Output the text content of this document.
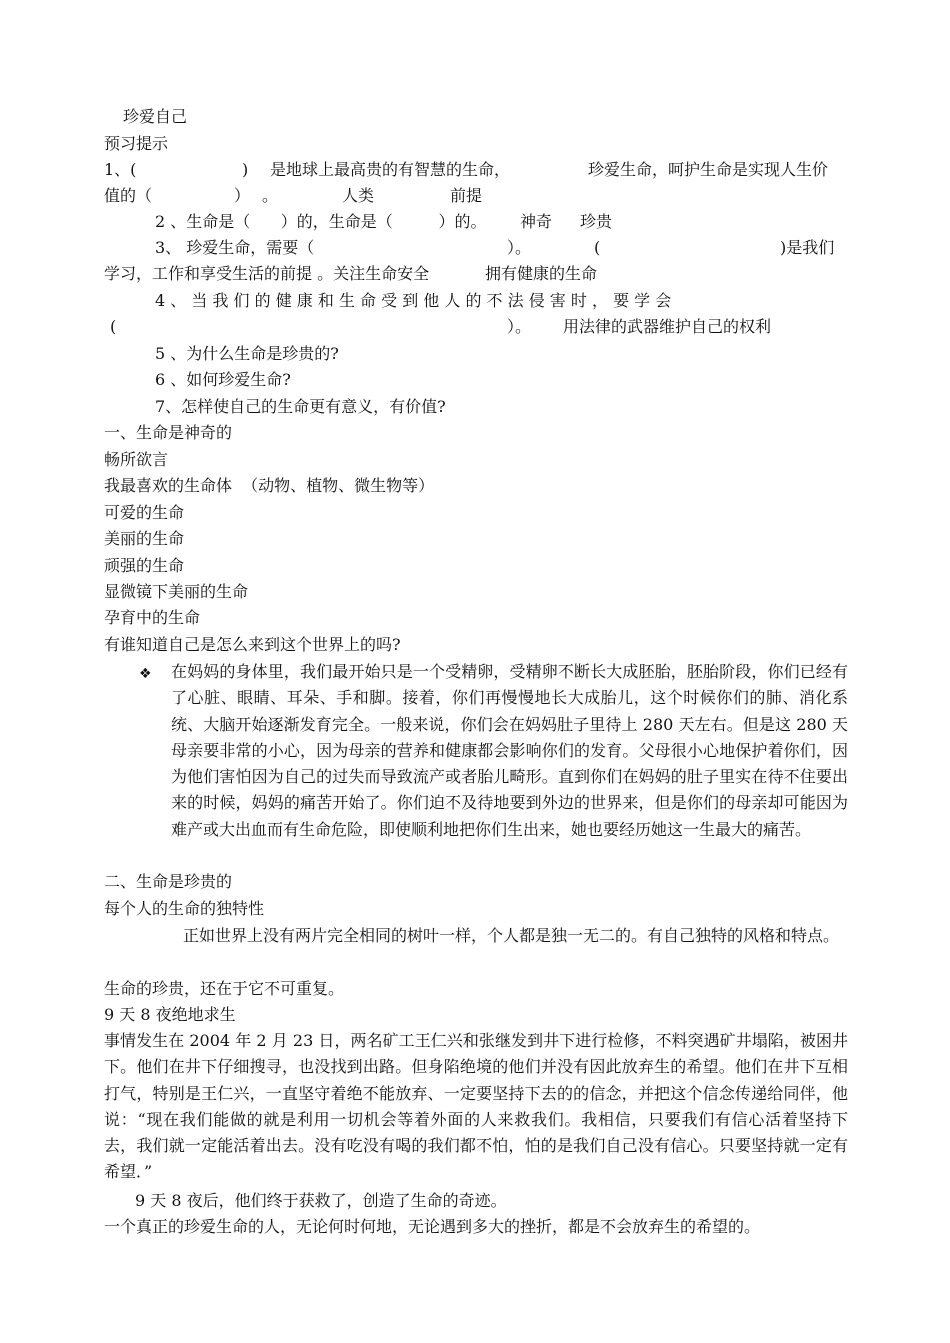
珍爱自己
预习提示
1、(	) 是地球上最高贵的有智慧的生命，	珍爱生命，呵护生命是实现人生价
值的（	） 。	人类	前提
2 、生命是（      ）的，生命是（         ）的。 神奇 珍贵
3、 珍爱生命，需要（	）。	(	)是我们
学习，工作和享受生活的前提 。关注生命安全	拥有健康的生命
4 、 当 我 们 的 健 康 和 生 命 受 到 他 人 的 不 法 侵 害 时 ， 要 学 会
(	）。 用法律的武器维护自己的权利
5 、为什么生命是珍贵的?
6 、如何珍爱生命?
7、怎样使自己的生命更有意义，有价值?
一、生命是神奇的
畅所欲言
我最喜欢的生命体  （动物、植物、微生物等）
可爱的生命
美丽的生命
顽强的生命
显微镜下美丽的生命
孕育中的生命
有谁知道自己是怎么来到这个世界上的吗?
❖ 在妈妈的身体里，我们最开始只是一个受精卵，受精卵不断长大成胚胎，胚胎阶段，你们已经有了心脏、眼睛、耳朵、手和脚。接着，你们再慢慢地长大成胎儿，这个时候你们的肺、消化系统、大脑开始逐渐发育完全。一般来说，你们会在妈妈肚子里待上 280 天左右。但是这 280 天母亲要非常的小心，因为母亲的营养和健康都会影响你们的发育。父母很小心地保护着你们，因为他们害怕因为自己的过失而导致流产或者胎儿畸形。直到你们在妈妈的肚子里实在待不住要出来的时候，妈妈的痛苦开始了。你们迫不及待地要到外边的世界来，但是你们的母亲却可能因为难产或大出血而有生命危险，即使顺利地把你们生出来，她也要经历她这一生最大的痛苦。
二、生命是珍贵的
每个人的生命的独特性
正如世界上没有两片完全相同的树叶一样，个人都是独一无二的。有自己独特的风格和特点。
生命的珍贵，还在于它不可重复。
9 天 8 夜绝地求生
事情发生在 2004 年 2 月 23 日，两名矿工王仁兴和张继发到井下进行检修，不料突遇矿井塌陷，被困井下。他们在井下仔细搜寻，也没找到出路。但身陷绝境的他们并没有因此放弃生的希望。他们在井下互相打气，特别是王仁兴，一直坚守着绝不能放弃、一定要坚持下去的的信念，并把这个信念传递给同伴，他说：“现在我们能做的就是利用一切机会等着外面的人来救我们。我相信，只要我们有信心活着坚持下去，我们就一定能活着出去。没有吃没有喝的我们都不怕，怕的是我们自己没有信心。只要坚持就一定有希望．”
9 天 8 夜后，他们终于获救了，创造了生命的奇迹。
一个真正的珍爱生命的人，无论何时何地，无论遇到多大的挫折，都是不会放弃生的希望的。
